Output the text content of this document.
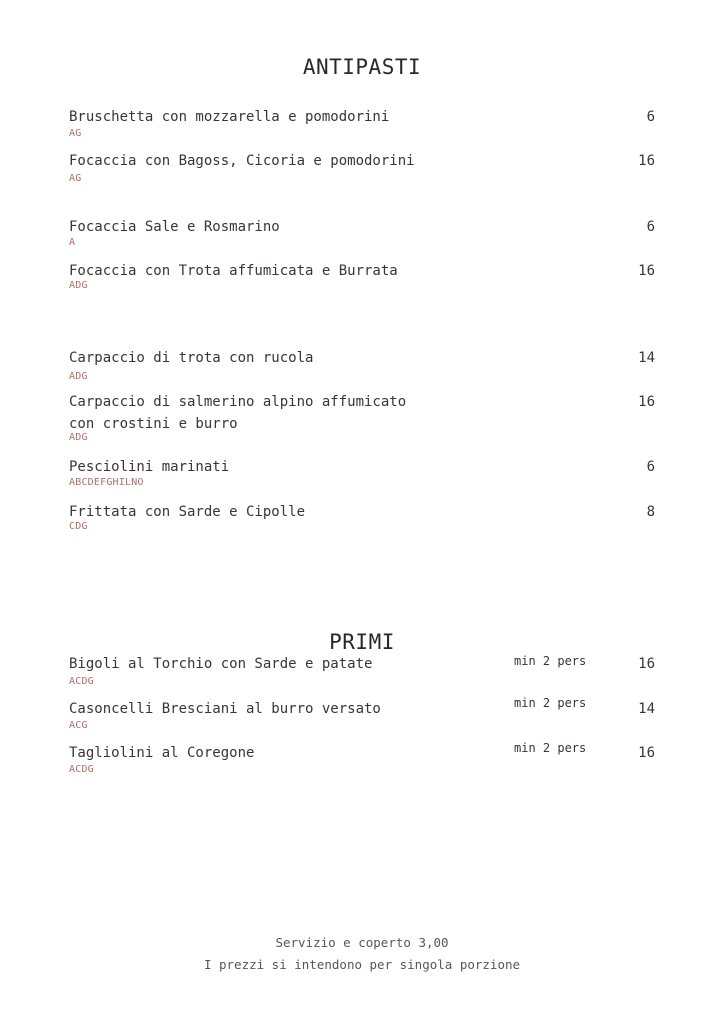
ANTIPASTI
Bruschetta con mozzarella e pomodorini
AG
6
Focaccia con Bagoss, Cicoria e pomodorini
AG
16
Focaccia Sale e Rosmarino
A
6
Focaccia con Trota affumicata e Burrata
ADG
16
Carpaccio di trota con rucola
ADG
14
Carpaccio di salmerino alpino affumicato
con crostini e burro
ADG
16
Pesciolini marinati
ABCDEFGHILNO
6
Frittata con Sarde e Cipolle
CDG
8
PRIMI
Bigoli al Torchio con Sarde e patate
ACDG
min 2 pers	16
Casoncelli Bresciani al burro versato
ACG
min 2 pers	14
Tagliolini al Coregone
ACDG
min 2 pers	16
Servizio e coperto 3,00
I prezzi si intendono per singola porzione
